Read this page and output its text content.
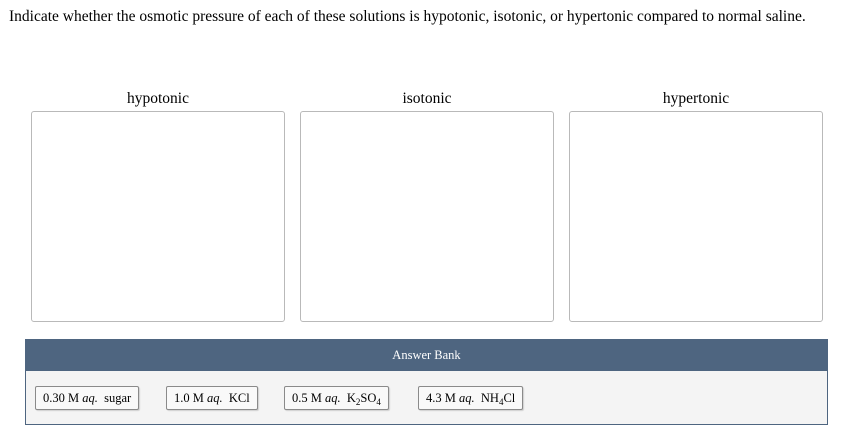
Indicate whether the osmotic pressure of each of these solutions is hypotonic, isotonic, or hypertonic compared to normal saline.
hypotonic	isotonic	hypertonic
Answer Bank
0.30 M aq. sugar	1.0 M aq. KCl	0.5 M aq. $K_2SO_4$	4.3 M aq. $NH_4Cl$
